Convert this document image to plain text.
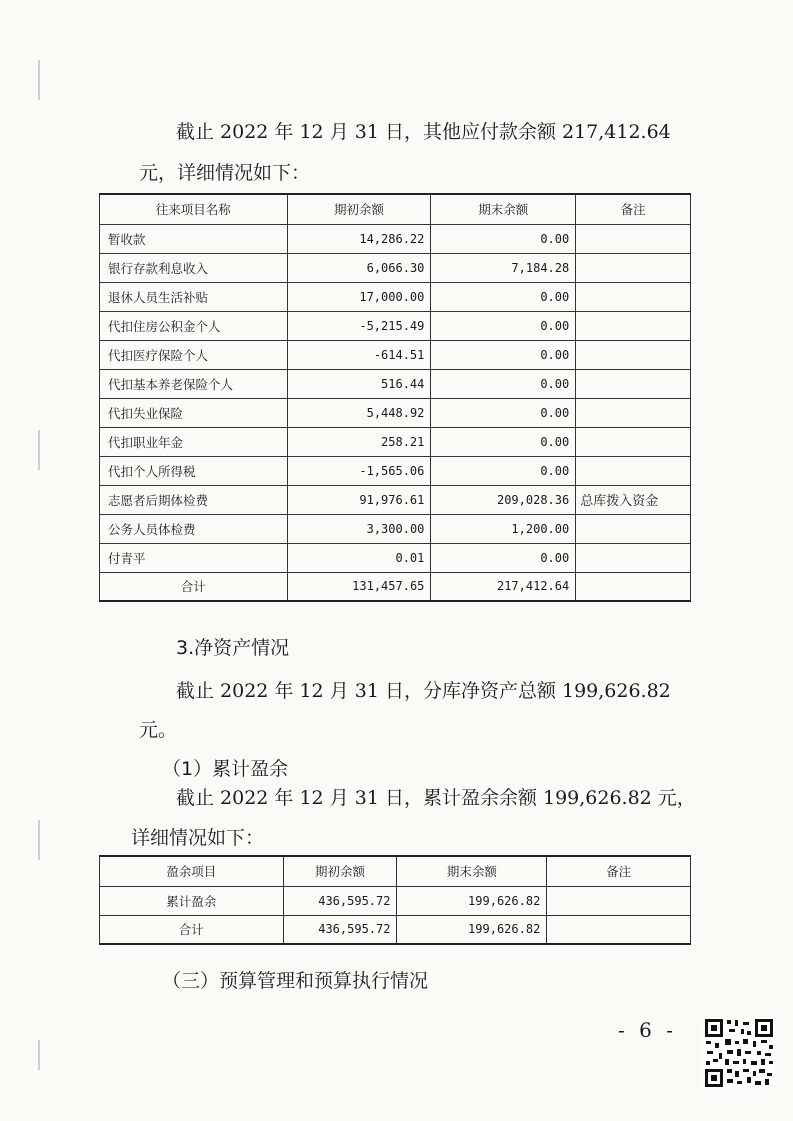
截止 2022 年 12 月 31 日，其他应付款余额 217,412.64
元，详细情况如下：
往来项目名称	期初余额	期末余额	备注
暂收款	14,286.22	0.00	
银行存款利息收入	6,066.30	7,184.28	
退休人员生活补贴	17,000.00	0.00	
代扣住房公积金个人	-5,215.49	0.00	
代扣医疗保险个人	-614.51	0.00	
代扣基本养老保险个人	516.44	0.00	
代扣失业保险	5,448.92	0.00	
代扣职业年金	258.21	0.00	
代扣个人所得税	-1,565.06	0.00	
志愿者后期体检费	91,976.61	209,028.36	总库拨入资金
公务人员体检费	3,300.00	1,200.00	
付青平	0.01	0.00	
合计	131,457.65	217,412.64	
3.净资产情况
截止 2022 年 12 月 31 日，分库净资产总额 199,626.82
元。
（1）累计盈余
截止 2022 年 12 月 31 日，累计盈余余额 199,626.82 元，
详细情况如下：
盈余项目	期初余额	期末余额	备注
累计盈余	436,595.72	199,626.82	
合计	436,595.72	199,626.82	
（三）预算管理和预算执行情况
- 6 -
